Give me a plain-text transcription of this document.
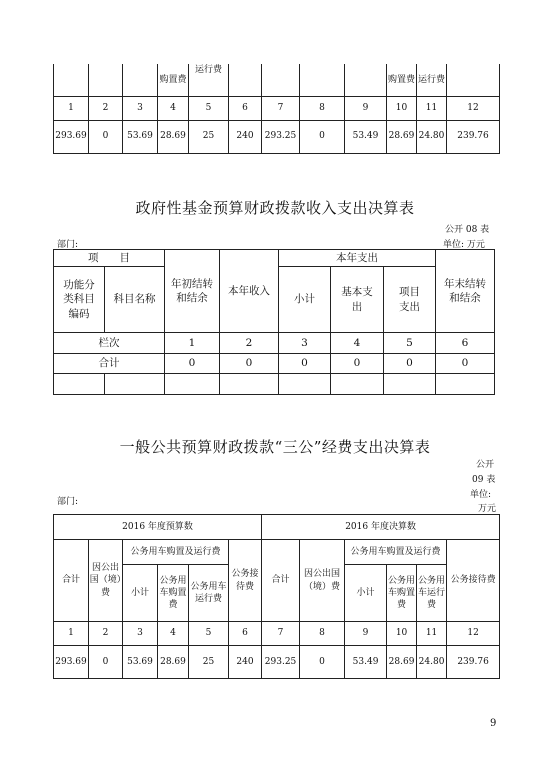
			购置费	运行费					购置费	运行费	
1	2	3	4	5	6	7	8	9	10	11	12
293.69	0	53.69	28.69	25	240	293.25	0	53.49	28.69	24.80	239.76
政府性基金预算财政拨款收入支出决算表
公开 08 表
部门:	单位: 万元
项　　目		年初结转和结余	本年收入	本年支出			年末结转和结余

功能分类科目编码	科目名称			小计	基本支出	项目支出	

栏次		1	2	3	4	5	6
合计		0	0	0	0	0	0

一般公共预算财政拨款“三公”经费支出决算表
公开
09 表
单位:
部门:
万元
2016 年度预算数						2016 年度决算数					
合计	因公出国（境）费	公务用车购置及运行费			公务接待费	合计	因公出国（境）费	公务用车购置及运行费			公务接待费
		小计	公务用车购置费	公务用车运行费				小计	公务用车购置费	公务用车运行费	
1	2	3	4	5	6	7	8	9	10	11	12
293.69	0	53.69	28.69	25	240	293.25	0	53.49	28.69	24.80	239.76
9
